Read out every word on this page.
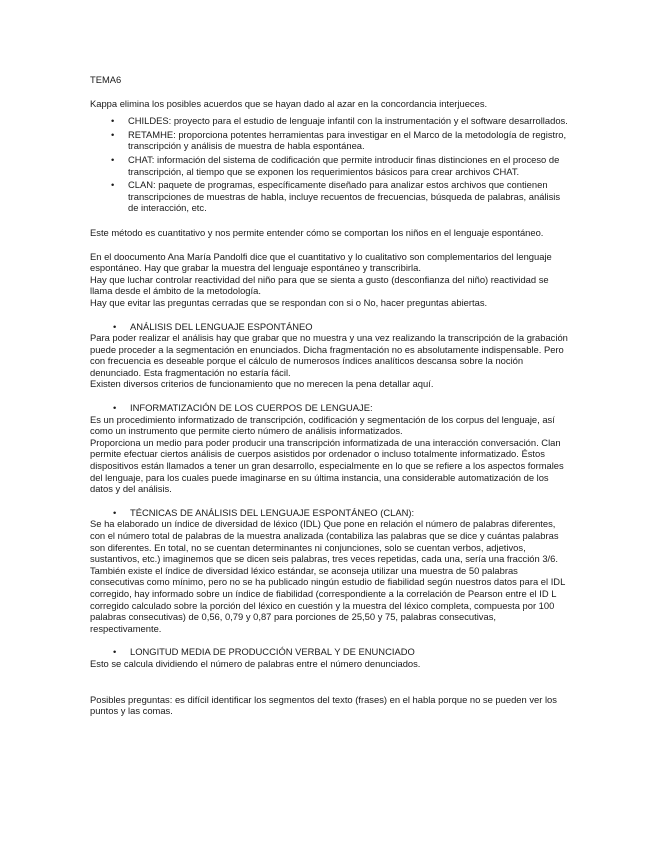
TEMA6

Kappa elimina los posibles acuerdos que se hayan dado al azar en la concordancia interjueces.

• CHILDES: proyecto para el estudio de lenguaje infantil con la instrumentación y el software desarrollados.
• RETAMHE: proporciona potentes herramientas para investigar en el Marco de la metodología de registro, transcripción y análisis de muestra de habla espontánea.
• CHAT: información del sistema de codificación que permite introducir finas distinciones en el proceso de transcripción, al tiempo que se exponen los requerimientos básicos para crear archivos CHAT.
• CLAN: paquete de programas, específicamente diseñado para analizar estos archivos que contienen transcripciones de muestras de habla, incluye recuentos de frecuencias, búsqueda de palabras, análisis de interacción, etc.

Este método es cuantitativo y nos permite entender cómo se comportan los niños en el lenguaje espontáneo.

En el doocumento Ana María Pandolfi dice que el cuantitativo y lo cualitativo son complementarios del lenguaje espontáneo. Hay que grabar la muestra del lenguaje espontáneo y transcribirla.

Hay que luchar controlar reactividad del niño para que se sienta a gusto (desconfianza del niño) reactividad se llama desde el ámbito de la metodología.

Hay que evitar las preguntas cerradas que se respondan con si o No, hacer preguntas abiertas.

• ANÁLISIS DEL LENGUAJE ESPONTÁNEO

Para poder realizar el análisis hay que grabar que no muestra y una vez realizando la transcripción de la grabación puede proceder a la segmentación en enunciados. Dicha fragmentación no es absolutamente indispensable. Pero con frecuencia es deseable porque el cálculo de numerosos índices analíticos descansa sobre la noción denunciado. Esta fragmentación no estaría fácil.

Existen diversos criterios de funcionamiento que no merecen la pena detallar aquí.

• INFORMATIZACIÓN DE LOS CUERPOS DE LENGUAJE:

Es un procedimiento informatizado de transcripción, codificación y segmentación de los corpus del lenguaje, así como un instrumento que permite cierto número de análisis informatizados.

Proporciona un medio para poder producir una transcripción informatizada de una interacción conversación. Clan permite efectuar ciertos análisis de cuerpos asistidos por ordenador o incluso totalmente informatizado. Éstos dispositivos están llamados a tener un gran desarrollo, especialmente en lo que se refiere a los aspectos formales del lenguaje, para los cuales puede imaginarse en su última instancia, una considerable automatización de los datos y del análisis.

• TÉCNICAS DE ANÁLISIS DEL LENGUAJE ESPONTÁNEO (CLAN):

Se ha elaborado un índice de diversidad de léxico (IDL) Que pone en relación el número de palabras diferentes, con el número total de palabras de la muestra analizada (contabiliza las palabras que se dice y cuántas palabras son diferentes. En total, no se cuentan determinantes ni conjunciones, solo se cuentan verbos, adjetivos, sustantivos, etc.) imaginemos que se dicen seis palabras, tres veces repetidas, cada una, sería una fracción 3/6.

También existe el índice de diversidad léxico estándar, se aconseja utilizar una muestra de 50 palabras consecutivas como mínimo, pero no se ha publicado ningún estudio de fiabilidad según nuestros datos para el IDL corregido, hay informado sobre un índice de fiabilidad (correspondiente a la correlación de Pearson entre el ID L corregido calculado sobre la porción del léxico en cuestión y la muestra del léxico completa, compuesta por 100 palabras consecutivas) de 0,56, 0,79 y 0,87 para porciones de 25,50 y 75, palabras consecutivas, respectivamente.

• LONGITUD MEDIA DE PRODUCCIÓN VERBAL Y DE ENUNCIADO

Esto se calcula dividiendo el número de palabras entre el número denunciados.

Posibles preguntas: es difícil identificar los segmentos del texto (frases) en el habla porque no se pueden ver los puntos y las comas.
